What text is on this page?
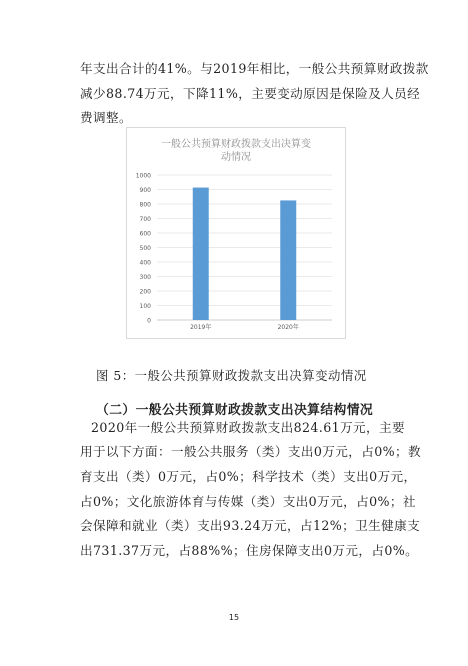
年支出合计的41%。与2019年相比，一般公共预算财政拨款
减少88.74万元，下降11%，主要变动原因是保险及人员经
费调整。
一般公共预算财政拨款支出决算变
动情况
0
100
200
300
400
500
600
700
800
900
1000
2019年	2020年
图 5：一般公共预算财政拨款支出决算变动情况
（二）一般公共预算财政拨款支出决算结构情况
2020年一般公共预算财政拨款支出824.61万元，主要
用于以下方面：一般公共服务（类）支出0万元，占0%；教
育支出（类）0万元，占0%；科学技术（类）支出0万元，
占0%；文化旅游体育与传媒（类）支出0万元，占0%；社
会保障和就业（类）支出93.24万元，占12%；卫生健康支
出731.37万元，占88%%；住房保障支出0万元，占0%。
15
